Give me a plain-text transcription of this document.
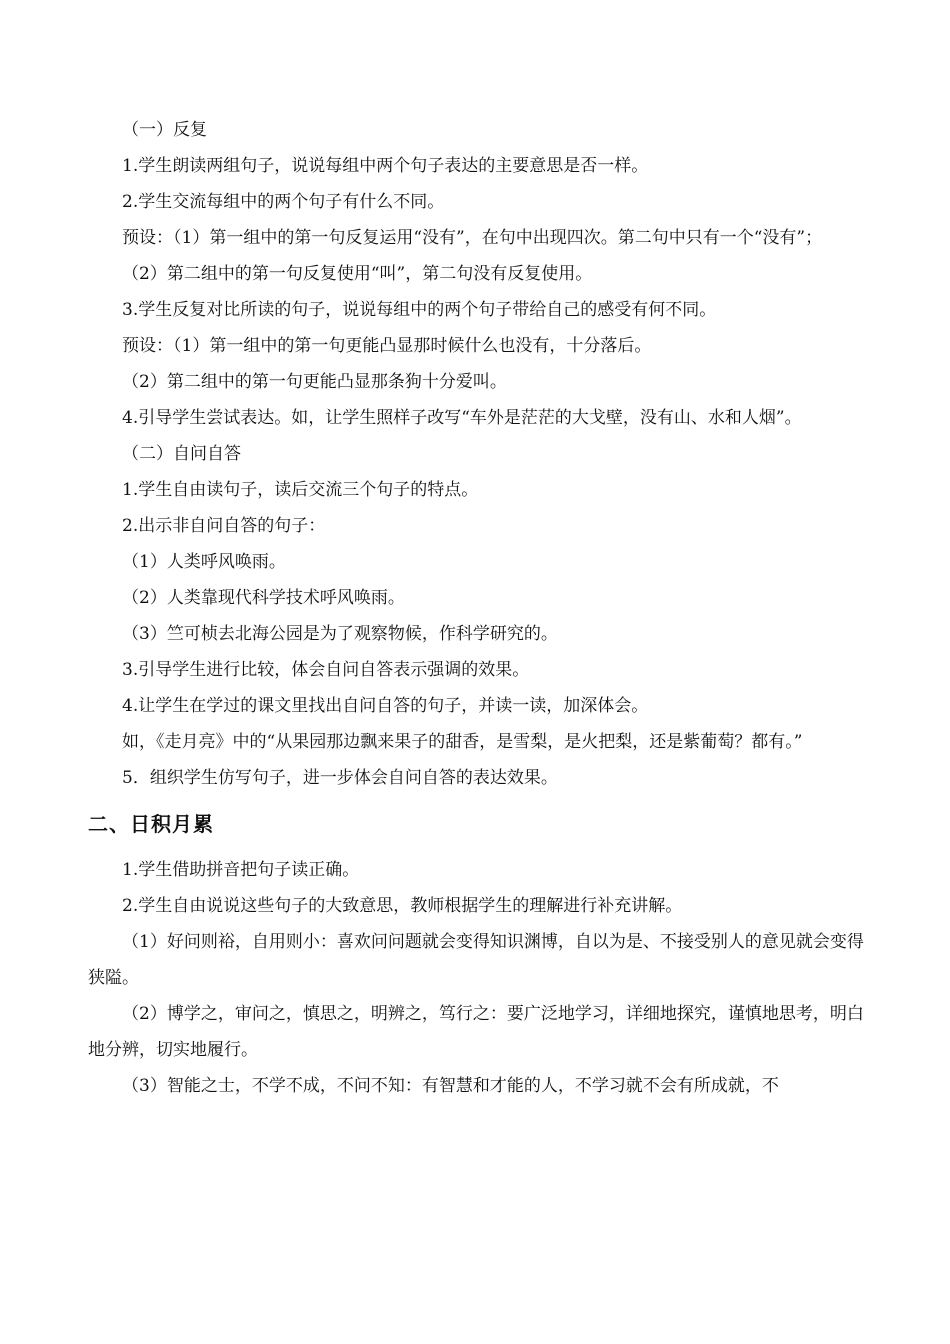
（一）反复

1.学生朗读两组句子，说说每组中两个句子表达的主要意思是否一样。

2.学生交流每组中的两个句子有什么不同。

预设：（1）第一组中的第一句反复运用“没有”，在句中出现四次。第二句中只有一个“没有”；

（2）第二组中的第一句反复使用“叫”，第二句没有反复使用。

3.学生反复对比所读的句子，说说每组中的两个句子带给自己的感受有何不同。

预设：（1）第一组中的第一句更能凸显那时候什么也没有，十分落后。

（2）第二组中的第一句更能凸显那条狗十分爱叫。

4.引导学生尝试表达。如，让学生照样子改写“车外是茫茫的大戈壁，没有山、水和人烟”。

（二）自问自答

1.学生自由读句子，读后交流三个句子的特点。

2.出示非自问自答的句子：

（1）人类呼风唤雨。

（2）人类靠现代科学技术呼风唤雨。

（3）竺可桢去北海公园是为了观察物候，作科学研究的。

3.引导学生进行比较，体会自问自答表示强调的效果。

4.让学生在学过的课文里找出自问自答的句子，并读一读，加深体会。

如，《走月亮》中的“从果园那边飘来果子的甜香，是雪梨，是火把梨，还是紫葡萄？都有。”

5．组织学生仿写句子，进一步体会自问自答的表达效果。

二、日积月累

1.学生借助拼音把句子读正确。

2.学生自由说说这些句子的大致意思，教师根据学生的理解进行补充讲解。

（1）好问则裕，自用则小：喜欢问问题就会变得知识渊博，自以为是、不接受别人的意见就会变得狭隘。

（2）博学之，审问之，慎思之，明辨之，笃行之：要广泛地学习，详细地探究，谨慎地思考，明白地分辨，切实地履行。

（3）智能之士，不学不成，不问不知：有智慧和才能的人，不学习就不会有所成就，不
